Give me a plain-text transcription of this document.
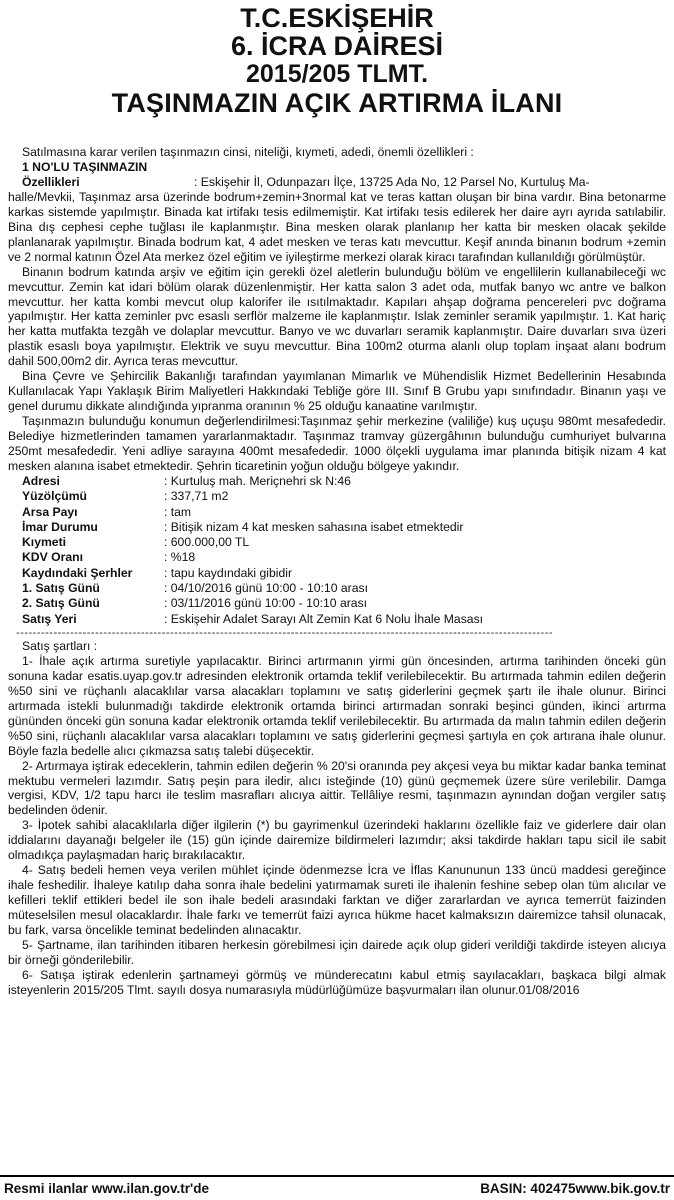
T.C.ESKİŞEHİR
6. İCRA DAİRESİ
2015/205 TLMT.
TAŞINMAZIN AÇIK ARTIRMA İLANI
Satılmasına karar verilen taşınmazın cinsi, niteliği, kıymeti, adedi, önemli özellikleri :
1 NO'LU TAŞINMAZIN
Özellikleri	: Eskişehir İl, Odunpazarı İlçe, 13725 Ada No, 12 Parsel No, Kurtuluş Ma-

halle/Mevkii, Taşınmaz arsa üzerinde bodrum+zemin+3normal kat ve teras kattan oluşan bir bina vardır. Bina betonarme karkas sistemde yapılmıştır. Binada kat irtifakı tesis edilmemiştir. Kat irtifakı tesis edilerek her daire ayrı ayrıda satılabilir. Bina dış cephesi cephe tuğlası ile kaplanmıştır. Bina mesken olarak planlanıp her katta bir mesken olacak şekilde planlanarak yapılmıştır. Binada bodrum kat, 4 adet mesken ve teras katı mevcuttur. Keşif anında binanın bodrum +zemin ve 2 normal katının Özel Ata merkez özel eğitim ve iyileştirme merkezi olarak kiracı tarafından kullanıldığı görülmüştür.

Binanın bodrum katında arşiv ve eğitim için gerekli özel aletlerin bulunduğu bölüm ve engellilerin kullanabileceği wc mevcuttur. Zemin kat idari bölüm olarak düzenlenmiştir. Her katta salon 3 adet oda, mutfak banyo wc antre ve balkon mevcuttur. her katta kombi mevcut olup kalorifer ile ısıtılmaktadır. Kapıları ahşap doğrama pencereleri pvc doğrama yapılmıştır. Her katta zeminler pvc esaslı serflör malzeme ile kaplanmıştır. Islak zeminler seramik yapılmıştır. 1. Kat hariç her katta mutfakta tezgâh ve dolaplar mevcuttur. Banyo ve wc duvarları seramik kaplanmıştır. Daire duvarları sıva üzeri plastik esaslı boya yapılmıştır. Elektrik ve suyu mevcuttur. Bina 100m2 oturma alanlı olup toplam inşaat alanı bodrum dahil 500,00m2 dir. Ayrıca teras mevcuttur.

Bina Çevre ve Şehircilik Bakanlığı tarafından yayımlanan Mimarlık ve Mühendislik Hizmet Bedellerinin Hesabında Kullanılacak Yapı Yaklaşık Birim Maliyetleri Hakkındaki Tebliğe göre III. Sınıf B Grubu yapı sınıfındadır. Binanın yaşı ve genel durumu dikkate alındığında yıpranma oranının % 25 olduğu kanaatine varılmıştır.

Taşınmazın bulunduğu konumun değerlendirilmesi:Taşınmaz şehir merkezine (valiliğe) kuş uçuşu 980mt mesafededir. Belediye hizmetlerinden tamamen yararlanmaktadır. Taşınmaz tramvay güzergâhının bulunduğu cumhuriyet bulvarına 250mt mesafededir. Yeni adliye sarayına 400mt mesafededir. 1000 ölçekli uygulama imar planında bitişik nizam 4 kat mesken alanına isabet etmektedir. Şehrin ticaretinin yoğun olduğu bölgeye yakındır.

Adresi	: Kurtuluş mah. Meriçnehri sk N:46
Yüzölçümü	: 337,71 m2
Arsa Payı	: tam
İmar Durumu	: Bitişik nizam 4 kat mesken sahasına isabet etmektedir
Kıymeti	: 600.000,00 TL
KDV Oranı	: %18
Kaydındaki Şerhler	: tapu kaydındaki gibidir
1. Satış Günü	: 04/10/2016 günü 10:00 - 10:10 arası
2. Satış Günü	: 03/11/2016 günü 10:00 - 10:10 arası
Satış Yeri	: Eskişehir Adalet Sarayı Alt Zemin Kat 6 Nolu İhale Masası
---------------------------------------------------------------------------------------------------------------------------------
Satış şartları :

1- İhale açık artırma suretiyle yapılacaktır. Birinci artırmanın yirmi gün öncesinden, artırma tarihinden önceki gün sonuna kadar esatis.uyap.gov.tr adresinden elektronik ortamda teklif verilebilecektir. Bu artırmada tahmin edilen değerin %50 sini ve rüçhanlı alacaklılar varsa alacakları toplamını ve satış giderlerini geçmek şartı ile ihale olunur. Birinci artırmada istekli bulunmadığı takdirde elektronik ortamda birinci artırmadan sonraki beşinci günden, ikinci artırma gününden önceki gün sonuna kadar elektronik ortamda teklif verilebilecektir. Bu artırmada da malın tahmin edilen değerin %50 sini, rüçhanlı alacaklılar varsa alacakları toplamını ve satış giderlerini geçmesi şartıyla en çok artırana ihale olunur. Böyle fazla bedelle alıcı çıkmazsa satış talebi düşecektir.

2- Artırmaya iştirak edeceklerin, tahmin edilen değerin % 20'si oranında pey akçesi veya bu miktar kadar banka teminat mektubu vermeleri lazımdır. Satış peşin para iledir, alıcı isteğinde (10) günü geçmemek üzere süre verilebilir. Damga vergisi, KDV, 1/2 tapu harcı ile teslim masrafları alıcıya aittir. Tellâliye resmi, taşınmazın aynından doğan vergiler satış bedelinden ödenir.

3- İpotek sahibi alacaklılarla diğer ilgilerin (*) bu gayrimenkul üzerindeki haklarını özellikle faiz ve giderlere dair olan iddialarını dayanağı belgeler ile (15) gün içinde dairemize bildirmeleri lazımdır; aksi takdirde hakları tapu sicil ile sabit olmadıkça paylaşmadan hariç bırakılacaktır.

4- Satış bedeli hemen veya verilen mühlet içinde ödenmezse İcra ve İflas Kanununun 133 üncü maddesi gereğince ihale feshedilir. İhaleye katılıp daha sonra ihale bedelini yatırmamak sureti ile ihalenin feshine sebep olan tüm alıcılar ve kefilleri teklif ettikleri bedel ile son ihale bedeli arasındaki farktan ve diğer zararlardan ve ayrıca temerrüt faizinden müteselsilen mesul olacaklardır. İhale farkı ve temerrüt faizi ayrıca hükme hacet kalmaksızın dairemizce tahsil olunacak, bu fark, varsa öncelikle teminat bedelinden alınacaktır.

5- Şartname, ilan tarihinden itibaren herkesin görebilmesi için dairede açık olup gideri verildiği takdirde isteyen alıcıya bir örneği gönderilebilir.

6- Satışa iştirak edenlerin şartnameyi görmüş ve münderecatını kabul etmiş sayılacakları, başkaca bilgi almak isteyenlerin 2015/205 Tlmt. sayılı dosya numarasıyla müdürlüğümüze başvurmaları ilan olunur.01/08/2016

Resmi ilanlar www.ilan.gov.tr'de	BASIN: 402475www.bik.gov.tr
